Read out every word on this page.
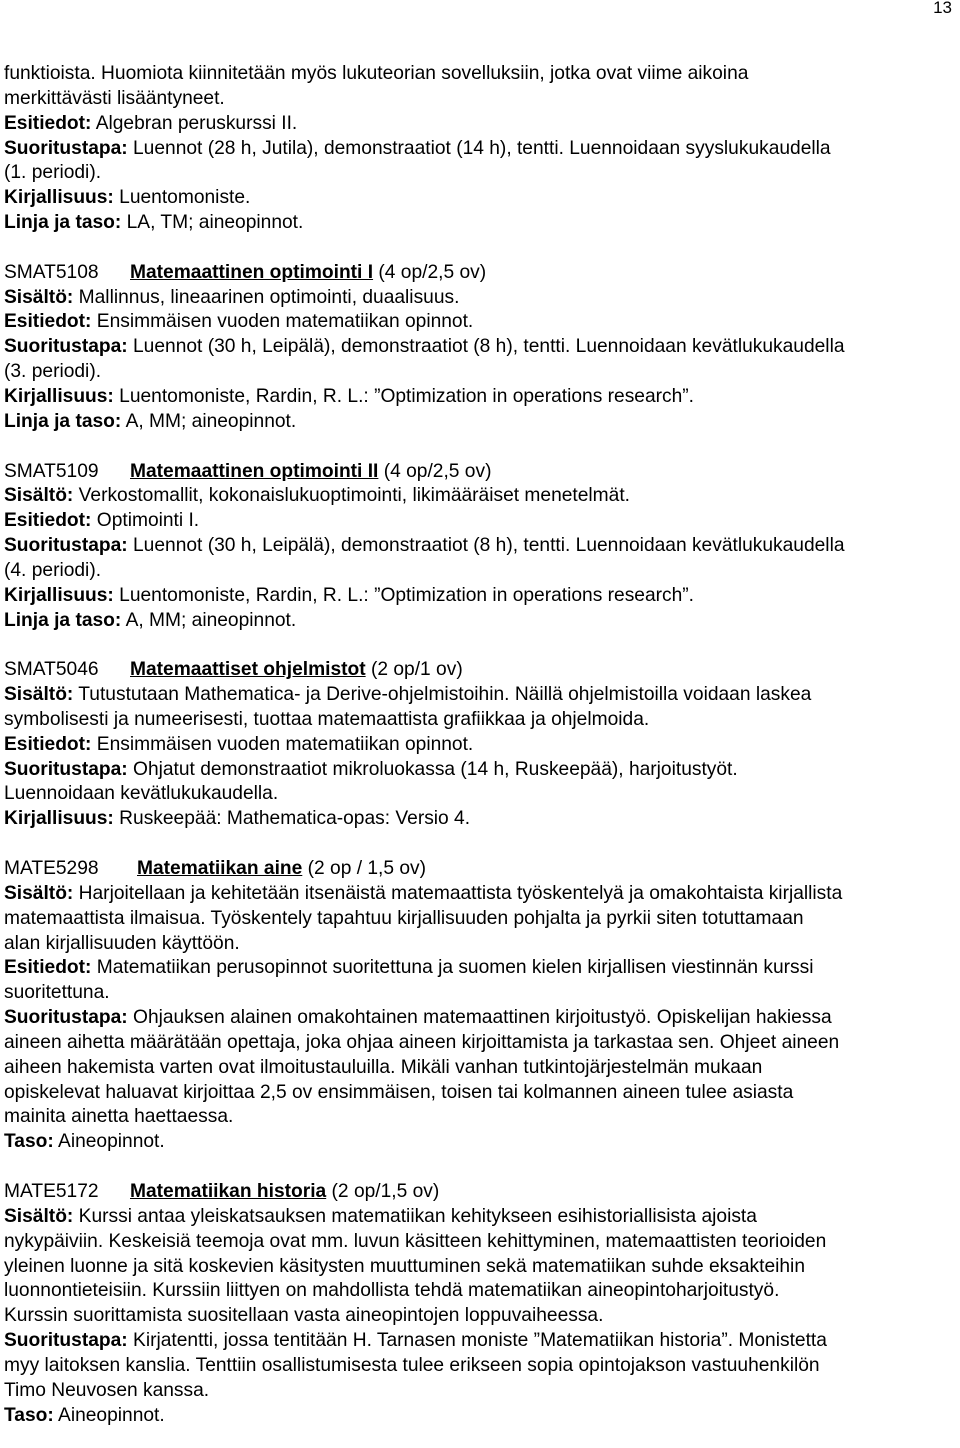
13
funktioista. Huomiota kiinnitetään myös lukuteorian sovelluksiin, jotka ovat viime aikoina
merkittävästi lisääntyneet.
Esitiedot: Algebran peruskurssi II.
Suoritustapa: Luennot (28 h, Jutila), demonstraatiot (14 h), tentti. Luennoidaan syyslukukaudella
(1. periodi).
Kirjallisuus: Luentomoniste.
Linja ja taso: LA, TM; aineopinnot.
SMAT5108 Matemaattinen optimointi I (4 op/2,5 ov)
Sisältö: Mallinnus, lineaarinen optimointi, duaalisuus.
Esitiedot: Ensimmäisen vuoden matematiikan opinnot.
Suoritustapa: Luennot (30 h, Leipälä), demonstraatiot (8 h), tentti. Luennoidaan kevätlukukaudella
(3. periodi).
Kirjallisuus: Luentomoniste, Rardin, R. L.: ”Optimization in operations research”.
Linja ja taso: A, MM; aineopinnot.
SMAT5109 Matemaattinen optimointi II (4 op/2,5 ov)
Sisältö: Verkostomallit, kokonaislukuoptimointi, likimääräiset menetelmät.
Esitiedot: Optimointi I.
Suoritustapa: Luennot (30 h, Leipälä), demonstraatiot (8 h), tentti. Luennoidaan kevätlukukaudella
(4. periodi).
Kirjallisuus: Luentomoniste, Rardin, R. L.: ”Optimization in operations research”.
Linja ja taso: A, MM; aineopinnot.
SMAT5046 Matemaattiset ohjelmistot (2 op/1 ov)
Sisältö: Tutustutaan Mathematica- ja Derive-ohjelmistoihin. Näillä ohjelmistoilla voidaan laskea
symbolisesti ja numeerisesti, tuottaa matemaattista grafiikkaa ja ohjelmoida.
Esitiedot: Ensimmäisen vuoden matematiikan opinnot.
Suoritustapa: Ohjatut demonstraatiot mikroluokassa (14 h, Ruskeepää), harjoitustyöt.
Luennoidaan kevätlukukaudella.
Kirjallisuus: Ruskeepää: Mathematica-opas: Versio 4.
MATE5298 Matematiikan aine (2 op / 1,5 ov)
Sisältö: Harjoitellaan ja kehitetään itsenäistä matemaattista työskentelyä ja omakohtaista kirjallista
matemaattista ilmaisua. Työskentely tapahtuu kirjallisuuden pohjalta ja pyrkii siten totuttamaan
alan kirjallisuuden käyttöön.
Esitiedot: Matematiikan perusopinnot suoritettuna ja suomen kielen kirjallisen viestinnän kurssi
suoritettuna.
Suoritustapa: Ohjauksen alainen omakohtainen matemaattinen kirjoitustyö. Opiskelijan hakiessa
aineen aihetta määrätään opettaja, joka ohjaa aineen kirjoittamista ja tarkastaa sen. Ohjeet aineen
aiheen hakemista varten ovat ilmoitustauluilla. Mikäli vanhan tutkintojärjestelmän mukaan
opiskelevat haluavat kirjoittaa 2,5 ov ensimmäisen, toisen tai kolmannen aineen tulee asiasta
mainita ainetta haettaessa.
Taso: Aineopinnot.
MATE5172 Matematiikan historia (2 op/1,5 ov)
Sisältö: Kurssi antaa yleiskatsauksen matematiikan kehitykseen esihistoriallisista ajoista
nykypäiviin. Keskeisiä teemoja ovat mm. luvun käsitteen kehittyminen, matemaattisten teorioiden
yleinen luonne ja sitä koskevien käsitysten muuttuminen sekä matematiikan suhde eksakteihin
luonnontieteisiin. Kurssiin liittyen on mahdollista tehdä matematiikan aineopintoharjoitustyö.
Kurssin suorittamista suositellaan vasta aineopintojen loppuvaiheessa.
Suoritustapa: Kirjatentti, jossa tentitään H. Tarnasen moniste ”Matematiikan historia”. Monistetta
myy laitoksen kanslia. Tenttiin osallistumisesta tulee erikseen sopia opintojakson vastuuhenkilön
Timo Neuvosen kanssa.
Taso: Aineopinnot.
